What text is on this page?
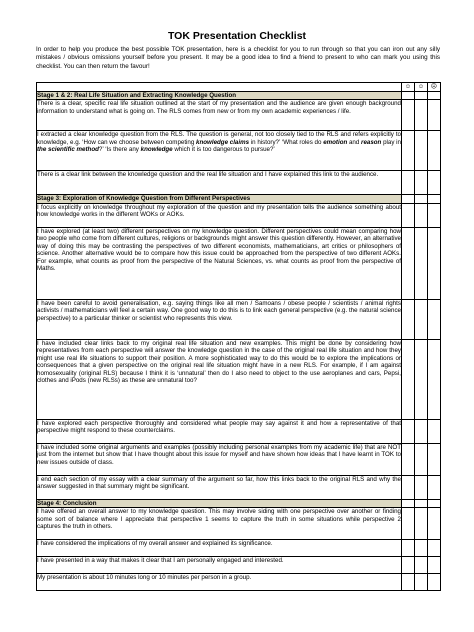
TOK Presentation Checklist

In order to help you produce the best possible TOK presentation, here is a checklist for you to run through so that you can iron out any silly mistakes / obvious omissions yourself before you present. It may be a good idea to find a friend to present to who can mark you using this checklist. You can then return the favour!

	☺	☺	☹
Stage 1 & 2: Real Life Situation and Extracting Knowledge Question			
There is a clear, specific real life situation outlined at the start of my presentation and the audience are given enough background information to understand what is going on. The RLS comes from new or from my own academic experiences / life.			
I extracted a clear knowledge question from the RLS. The question is general, not too closely tied to the RLS and refers explicitly to knowledge, e.g. ‘How can we choose between competing knowledge claims in history?’ ‘What roles do emotion and reason play in the scientific method?’ ‘Is there any knowledge which it is too dangerous to pursue?’			
There is a clear link between the knowledge question and the real life situation and I have explained this link to the audience.			
Stage 3: Exploration of Knowledge Question from Different Perspectives			
I focus explicitly on knowledge throughout my exploration of the question and my presentation tells the audience something about how knowledge works in the different WOKs or AOKs.			
I have explored (at least two) different perspectives on my knowledge question. Different perspectives could mean comparing how two people who come from different cultures, religions or backgrounds might answer this question differently. However, an alternative way of doing this may be contrasting the perspectives of two different economists, mathematicians, art critics or philosophers of science. Another alternative would be to compare how this issue could be approached from the perspective of two different AOKs. For example, what counts as proof from the perspective of the Natural Sciences, vs. what counts as proof from the perspective of Maths.			
I have been careful to avoid generalisation, e.g. saying things like all men / Samoans / obese people / scientists / animal rights activists / mathematicians will feel a certain way. One good way to do this is to link each general perspective (e.g. the natural science perspective) to a particular thinker or scientist who represents this view.			
I have included clear links back to my original real life situation and new examples. This might be done by considering how representatives from each perspective will answer the knowledge question in the case of the original real life situation and how they might use real life situations to support their position. A more sophisticated way to do this would be to explore the implications or consequences that a given perspective on the original real life situation might have in a new RLS. For example, if I am against homosexuality (original RLS) because I think it is ‘unnatural’ then do I also need to object to the use aeroplanes and cars, Pepsi, clothes and iPods (new RLSs) as these are unnatural too?			
I have explored each perspective thoroughly and considered what people may say against it and how a representative of that perspective might respond to these counterclaims.			
I have included some original arguments and examples (possibly including personal examples from my academic life) that are NOT just from the internet but show that I have thought about this issue for myself and have shown how ideas that I have learnt in TOK to new issues outside of class.			
I end each section of my essay with a clear summary of the argument so far, how this links back to the original RLS and why the answer suggested in that summary might be significant.			
Stage 4: Conclusion			
I have offered an overall answer to my knowledge question. This may involve siding with one perspective over another or finding some sort of balance where I appreciate that perspective 1 seems to capture the truth in some situations while perspective 2 captures the truth in others.			
I have considered the implications of my overall answer and explained its significance.			
I have presented in a way that makes it clear that I am personally engaged and interested.			
My presentation is about 10 minutes long or 10 minutes per person in a group.			
